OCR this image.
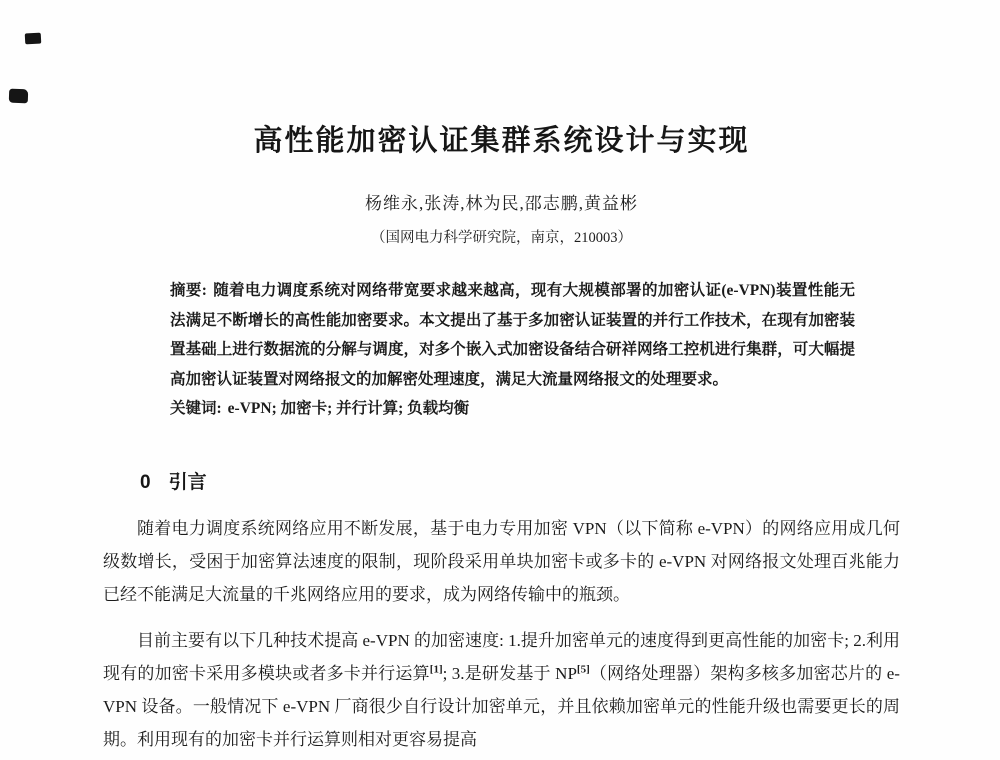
高性能加密认证集群系统设计与实现
杨维永,张涛,林为民,邵志鹏,黄益彬
（国网电力科学研究院，南京，210003）
摘要: 随着电力调度系统对网络带宽要求越来越高，现有大规模部署的加密认证(e-VPN)装置性能无法满足不断增长的高性能加密要求。本文提出了基于多加密认证装置的并行工作技术，在现有加密装置基础上进行数据流的分解与调度，对多个嵌入式加密设备结合研祥网络工控机进行集群，可大幅提高加密认证装置对网络报文的加解密处理速度，满足大流量网络报文的处理要求。
关键词: e-VPN; 加密卡; 并行计算; 负载均衡
0 引言

随着电力调度系统网络应用不断发展，基于电力专用加密 VPN（以下简称 e-VPN）的网络应用成几何级数增长，受困于加密算法速度的限制，现阶段采用单块加密卡或多卡的 e-VPN 对网络报文处理百兆能力已经不能满足大流量的千兆网络应用的要求，成为网络传输中的瓶颈。

目前主要有以下几种技术提高 e-VPN 的加密速度: 1.提升加密单元的速度得到更高性能的加密卡; 2.利用现有的加密卡采用多模块或者多卡并行运算[1]; 3.是研发基于 NP[5]（网络处理器）架构多核多加密芯片的 e-VPN 设备。一般情况下 e-VPN 厂商很少自行设计加密单元，并且依赖加密单元的性能升级也需要更长的周期。利用现有的加密卡并行运算则相对更容易提高
